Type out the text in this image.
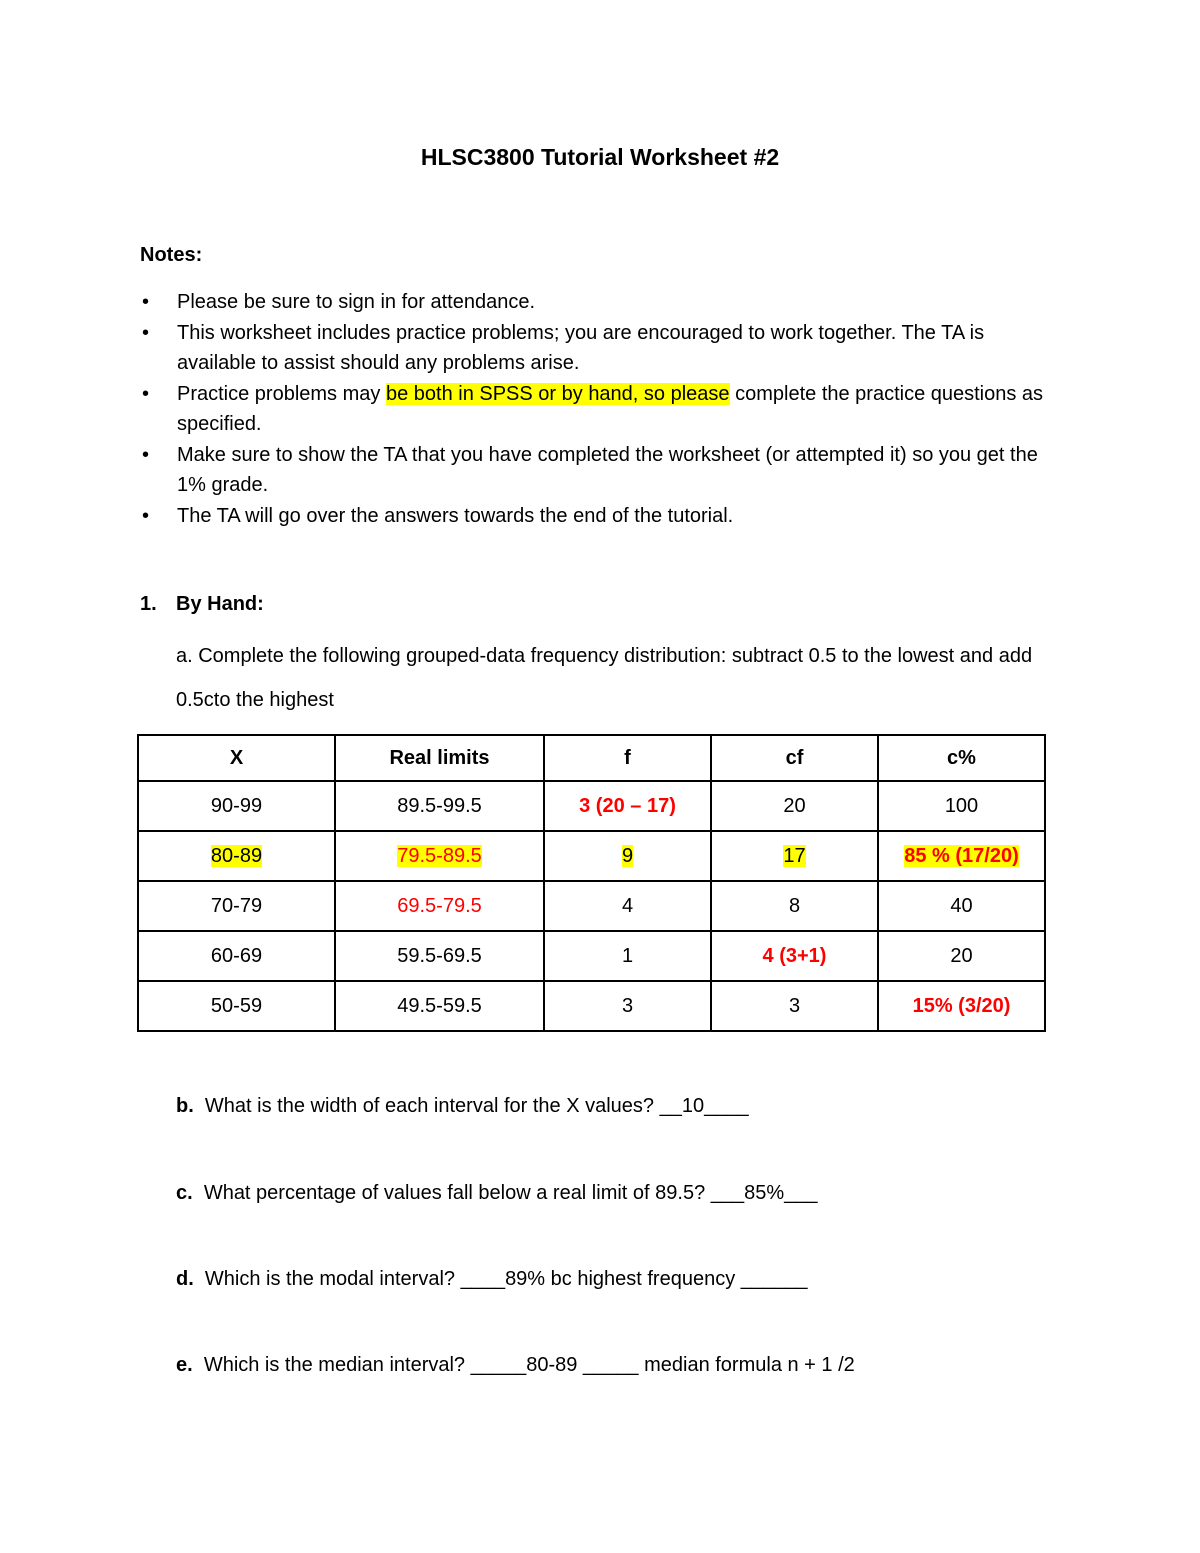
HLSC3800 Tutorial Worksheet #2
Notes:
• Please be sure to sign in for attendance.
• This worksheet includes practice problems; you are encouraged to work together. The TA is available to assist should any problems arise.
• Practice problems may be both in SPSS or by hand, so please complete the practice questions as specified.
• Make sure to show the TA that you have completed the worksheet (or attempted it) so you get the 1% grade.
• The TA will go over the answers towards the end of the tutorial.
1. By Hand:
a. Complete the following grouped-data frequency distribution: subtract 0.5 to the lowest and add 0.5cto the highest
X	Real limits	f	cf	c%
90-99	89.5-99.5	3 (20 – 17)	20	100
80-89	79.5-89.5	9	17	85 % (17/20)
70-79	69.5-79.5	4	8	40
60-69	59.5-69.5	1	4 (3+1)	20
50-59	49.5-59.5	3	3	15% (3/20)
b. What is the width of each interval for the X values? __10____
c. What percentage of values fall below a real limit of 89.5? ___85%___
d. Which is the modal interval? ____89% bc highest frequency ______
e. Which is the median interval? _____80-89 _____ median formula n + 1 /2
